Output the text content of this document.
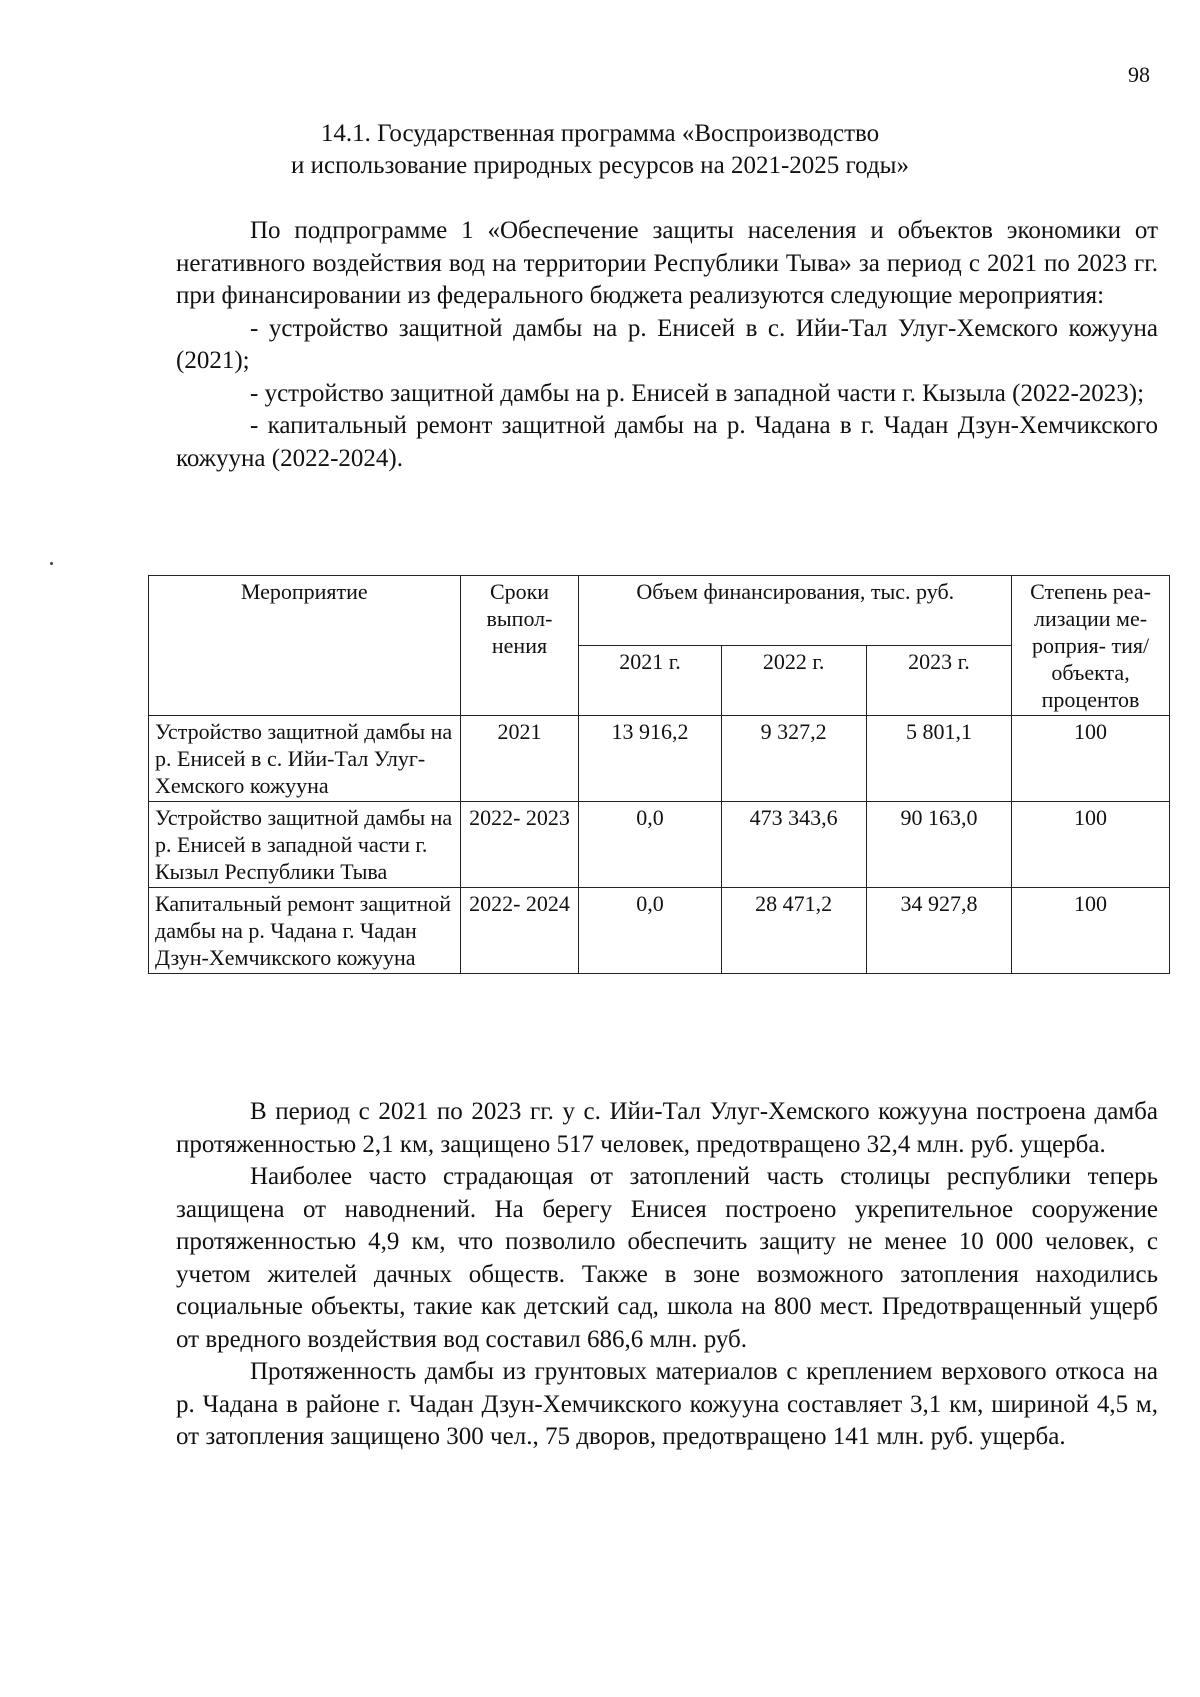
98
14.1. Государственная программа «Воспроизводство
и использование природных ресурсов на 2021-2025 годы»

По подпрограмме 1 «Обеспечение защиты населения и объектов экономики от негативного воздействия вод на территории Республики Тыва» за период с 2021 по 2023 гг. при финансировании из федерального бюджета реализуются следующие мероприятия:

- устройство защитной дамбы на р. Енисей в с. Ийи-Тал Улуг-Хемского кожууна (2021);

- устройство защитной дамбы на р. Енисей в западной части г. Кызыла (2022-2023);

- капитальный ремонт защитной дамбы на р. Чадана в г. Чадан Дзун-Хемчикского кожууна (2022-2024).

Мероприятие	Сроки выпол- нения	Объем финансирования, тыс. руб.			Степень реа- лизации ме- роприя- тия/объекта, процентов
		2021 г.	2022 г.	2023 г.	
Устройство защитной дамбы на р. Енисей в с. Ийи-Тал Улуг-Хемского кожууна	2021	13 916,2	9 327,2	5 801,1	100
Устройство защитной дамбы на р. Енисей в западной части г. Кызыл Республики Тыва	2022- 2023	0,0	473 343,6	90 163,0	100
Капитальный ремонт защитной дамбы на р. Чадана г. Чадан Дзун-Хемчикского кожууна	2022- 2024	0,0	28 471,2	34 927,8	100

В период с 2021 по 2023 гг. у с. Ийи-Тал Улуг-Хемского кожууна построена дамба протяженностью 2,1 км, защищено 517 человек, предотвращено 32,4 млн. руб. ущерба.

Наиболее часто страдающая от затоплений часть столицы республики теперь защищена от наводнений. На берегу Енисея построено укрепительное сооружение протяженностью 4,9 км, что позволило обеспечить защиту не менее 10 000 человек, с учетом жителей дачных обществ. Также в зоне возможного затопления находились социальные объекты, такие как детский сад, школа на 800 мест. Предотвращенный ущерб от вредного воздействия вод составил 686,6 млн. руб.

Протяженность дамбы из грунтовых материалов с креплением верхового откоса на р. Чадана в районе г. Чадан Дзун-Хемчикского кожууна составляет 3,1 км, шириной 4,5 м, от затопления защищено 300 чел., 75 дворов, предотвращено 141 млн. руб. ущерба.
